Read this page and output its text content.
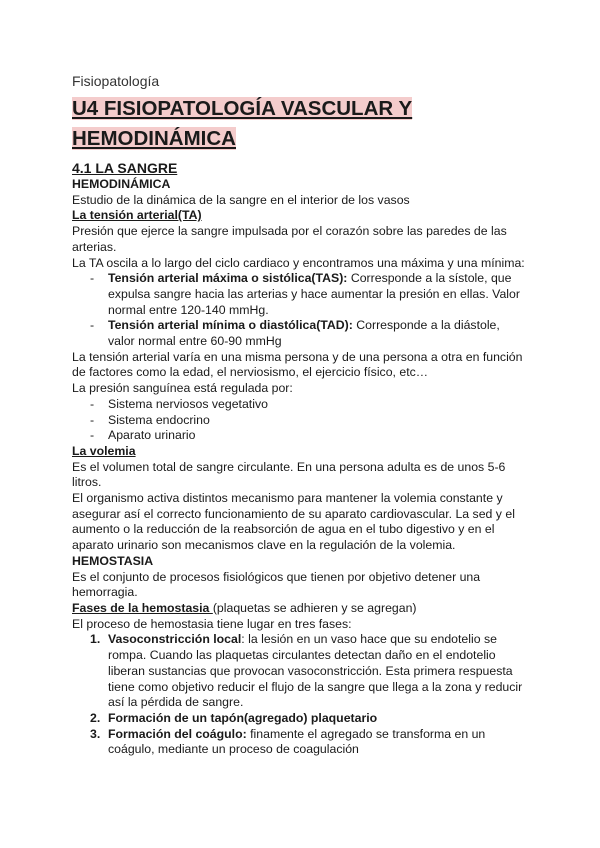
Fisiopatología

U4 FISIOPATOLOGÍA VASCULAR Y
HEMODINÁMICA

4.1 LA SANGRE

HEMODINÁMICA

Estudio de la dinámica de la sangre en el interior de los vasos

La tensión arterial(TA)

Presión que ejerce la sangre impulsada por el corazón sobre las paredes de las arterias.

La TA oscila a lo largo del ciclo cardiaco y encontramos una máxima y una mínima:

- Tensión arterial máxima o sistólica(TAS): Corresponde a la sístole, que expulsa sangre hacia las arterias y hace aumentar la presión en ellas. Valor normal entre 120-140 mmHg.
- Tensión arterial mínima o diastólica(TAD): Corresponde a la diástole, valor normal entre 60-90 mmHg

La tensión arterial varía en una misma persona y de una persona a otra en función de factores como la edad, el nerviosismo, el ejercicio físico, etc…

La presión sanguínea está regulada por:

- Sistema nerviosos vegetativo
- Sistema endocrino
- Aparato urinario

La volemia

Es el volumen total de sangre circulante. En una persona adulta es de unos 5-6 litros.

El organismo activa distintos mecanismo para mantener la volemia constante y asegurar así el correcto funcionamiento de su aparato cardiovascular. La sed y el aumento o la reducción de la reabsorción de agua en el tubo digestivo y en el aparato urinario son mecanismos clave en la regulación de la volemia.

HEMOSTASIA

Es el conjunto de procesos fisiológicos que tienen por objetivo detener una hemorragia.

Fases de la hemostasia (plaquetas se adhieren y se agregan)

El proceso de hemostasia tiene lugar en tres fases:

1. Vasoconstricción local: la lesión en un vaso hace que su endotelio se rompa. Cuando las plaquetas circulantes detectan daño en el endotelio liberan sustancias que provocan vasoconstricción. Esta primera respuesta tiene como objetivo reducir el flujo de la sangre que llega a la zona y reducir así la pérdida de sangre.
2. Formación de un tapón(agregado) plaquetario
3. Formación del coágulo: finamente el agregado se transforma en un coágulo, mediante un proceso de coagulación
